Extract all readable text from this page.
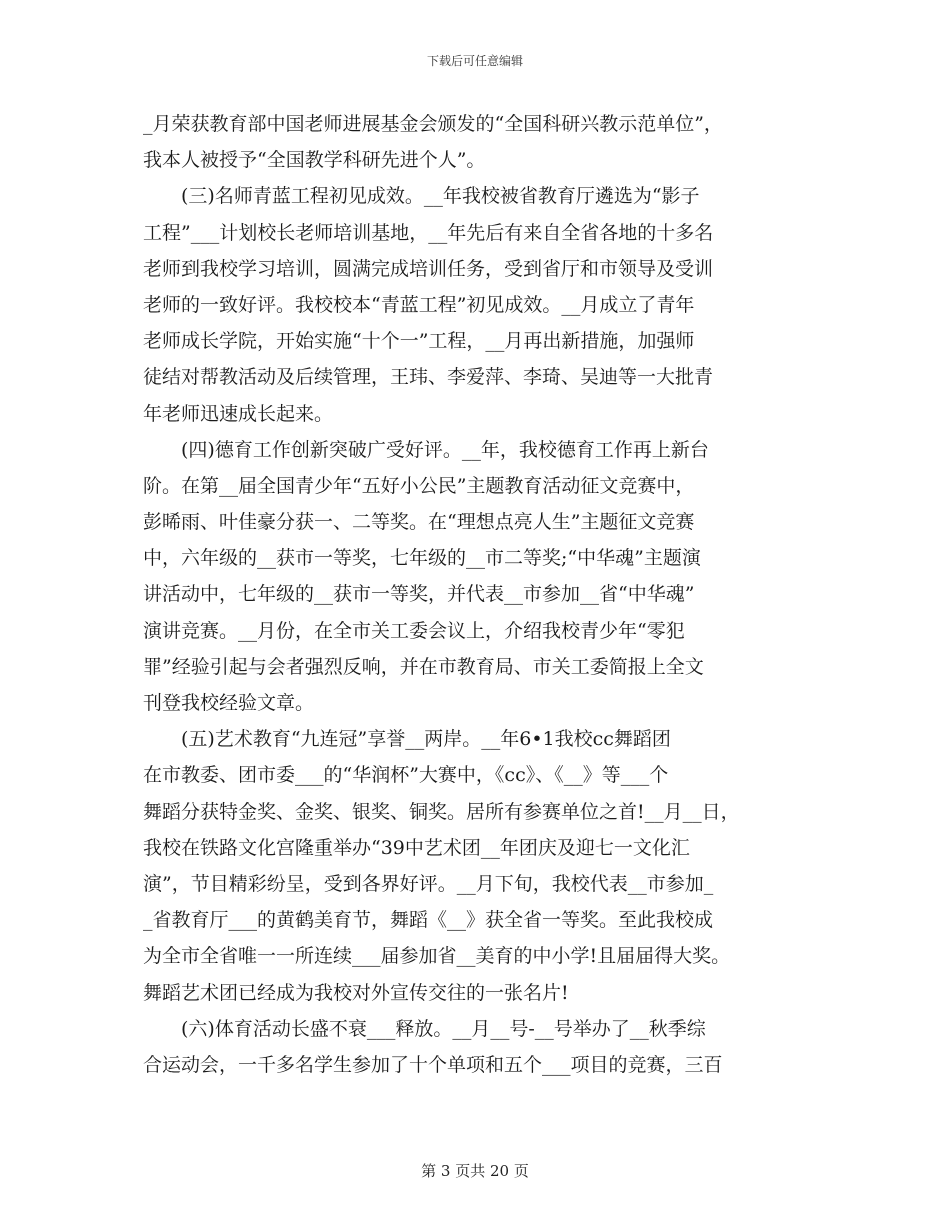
下载后可任意编辑
_月荣获教育部中国老师进展基金会颁发的“全国科研兴教示范单位”，
我本人被授予“全国教学科研先进个人”。
(三)名师青蓝工程初见成效。__年我校被省教育厅遴选为“影子
工程”___计划校长老师培训基地，__年先后有来自全省各地的十多名
老师到我校学习培训，圆满完成培训任务，受到省厅和市领导及受训
老师的一致好评。我校校本“青蓝工程”初见成效。__月成立了青年
老师成长学院，开始实施“十个一”工程，__月再出新措施，加强师
徒结对帮教活动及后续管理，王玮、李爱萍、李琦、吴迪等一大批青
年老师迅速成长起来。
(四)德育工作创新突破广受好评。__年，我校德育工作再上新台
阶。在第__届全国青少年“五好小公民”主题教育活动征文竞赛中，
彭晞雨、叶佳豪分获一、二等奖。在“理想点亮人生”主题征文竞赛
中，六年级的__获市一等奖，七年级的__市二等奖;“中华魂”主题演
讲活动中，七年级的__获市一等奖，并代表__市参加__省“中华魂”
演讲竞赛。__月份，在全市关工委会议上，介绍我校青少年“零犯
罪”经验引起与会者强烈反响，并在市教育局、市关工委简报上全文
刊登我校经验文章。
(五)艺术教育“九连冠”享誉__两岸。__年6•1我校cc舞蹈团
在市教委、团市委___的“华润杯”大赛中，《cc》、《__》等___个
舞蹈分获特金奖、金奖、银奖、铜奖。居所有参赛单位之首!__月__日，
我校在铁路文化宫隆重举办“39中艺术团__年团庆及迎七一文化汇
演”，节目精彩纷呈，受到各界好评。__月下旬，我校代表__市参加_
_省教育厅___的黄鹤美育节，舞蹈《__》获全省一等奖。至此我校成
为全市全省唯一一所连续___届参加省__美育的中小学!且届届得大奖。
舞蹈艺术团已经成为我校对外宣传交往的一张名片!
(六)体育活动长盛不衰___释放。__月__号-__号举办了__秋季综
合运动会，一千多名学生参加了十个单项和五个___项目的竞赛，三百
第 3 页共 20 页
